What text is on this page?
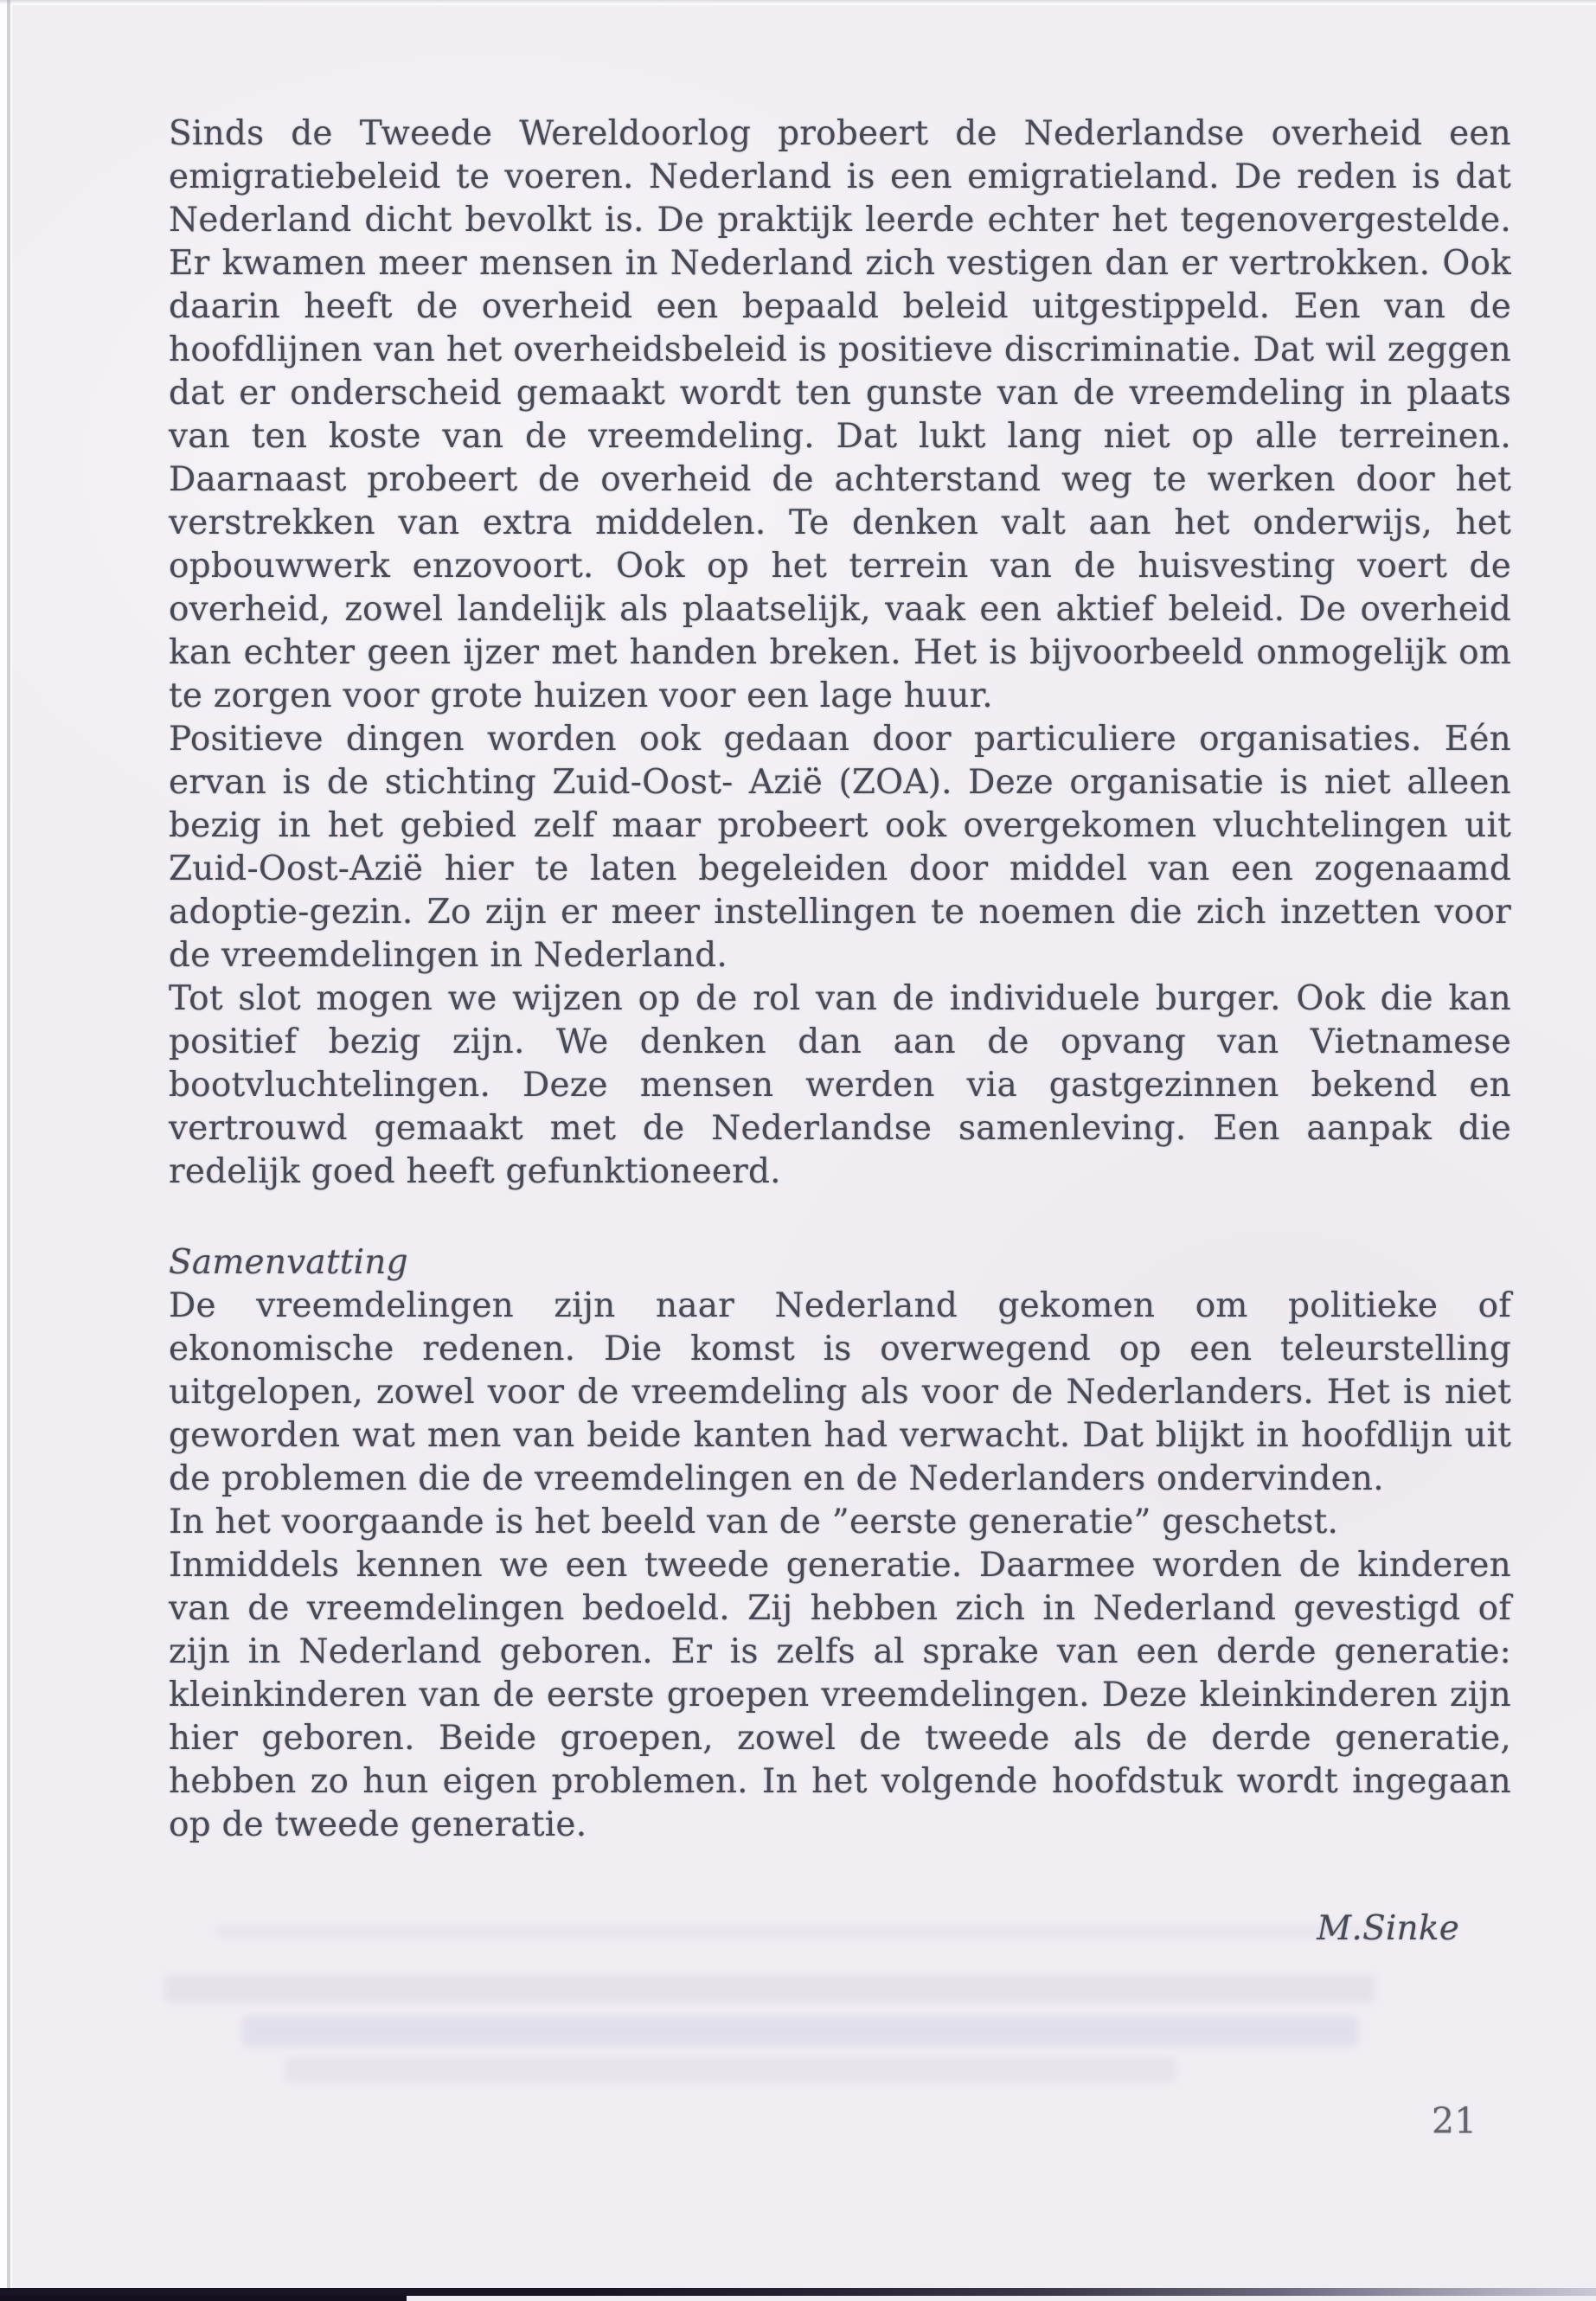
Sinds de Tweede Wereldoorlog probeert de Nederlandse overheid een emigratiebeleid te voeren. Nederland is een emigratieland. De reden is dat Nederland dicht bevolkt is. De praktijk leerde echter het tegenovergestelde. Er kwamen meer mensen in Nederland zich vestigen dan er vertrokken. Ook daarin heeft de overheid een bepaald beleid uitgestippeld. Een van de hoofdlijnen van het overheidsbeleid is positieve discriminatie. Dat wil zeggen dat er onderscheid gemaakt wordt ten gunste van de vreemdeling in plaats van ten koste van de vreemdeling. Dat lukt lang niet op alle terreinen. Daarnaast probeert de overheid de achterstand weg te werken door het verstrekken van extra middelen. Te denken valt aan het onderwijs, het opbouwwerk enzovoort. Ook op het terrein van de huisvesting voert de overheid, zowel landelijk als plaatselijk, vaak een aktief beleid. De overheid kan echter geen ijzer met handen breken. Het is bijvoorbeeld onmogelijk om te zorgen voor grote huizen voor een lage huur.

Positieve dingen worden ook gedaan door particuliere organisaties. Eén ervan is de stichting Zuid-Oost- Azië (ZOA). Deze organisatie is niet alleen bezig in het gebied zelf maar probeert ook overgekomen vluchtelingen uit Zuid-Oost-Azië hier te laten begeleiden door middel van een zogenaamd adoptie-gezin. Zo zijn er meer instellingen te noemen die zich inzetten voor de vreemdelingen in Nederland.

Tot slot mogen we wijzen op de rol van de individuele burger. Ook die kan positief bezig zijn. We denken dan aan de opvang van Vietnamese bootvluchtelingen. Deze mensen werden via gastgezinnen bekend en vertrouwd gemaakt met de Nederlandse samenleving. Een aanpak die redelijk goed heeft gefunktioneerd.

Samenvatting

De vreemdelingen zijn naar Nederland gekomen om politieke of ekonomische redenen. Die komst is overwegend op een teleurstelling uitgelopen, zowel voor de vreemdeling als voor de Nederlanders. Het is niet geworden wat men van beide kanten had verwacht. Dat blijkt in hoofdlijn uit de problemen die de vreemdelingen en de Nederlanders ondervinden.

In het voorgaande is het beeld van de ”eerste generatie” geschetst.

Inmiddels kennen we een tweede generatie. Daarmee worden de kinderen van de vreemdelingen bedoeld. Zij hebben zich in Nederland gevestigd of zijn in Nederland geboren. Er is zelfs al sprake van een derde generatie: kleinkinderen van de eerste groepen vreemdelingen. Deze kleinkinderen zijn hier geboren. Beide groepen, zowel de tweede als de derde generatie, hebben zo hun eigen problemen. In het volgende hoofdstuk wordt ingegaan op de tweede generatie.

M.Sinke

21
